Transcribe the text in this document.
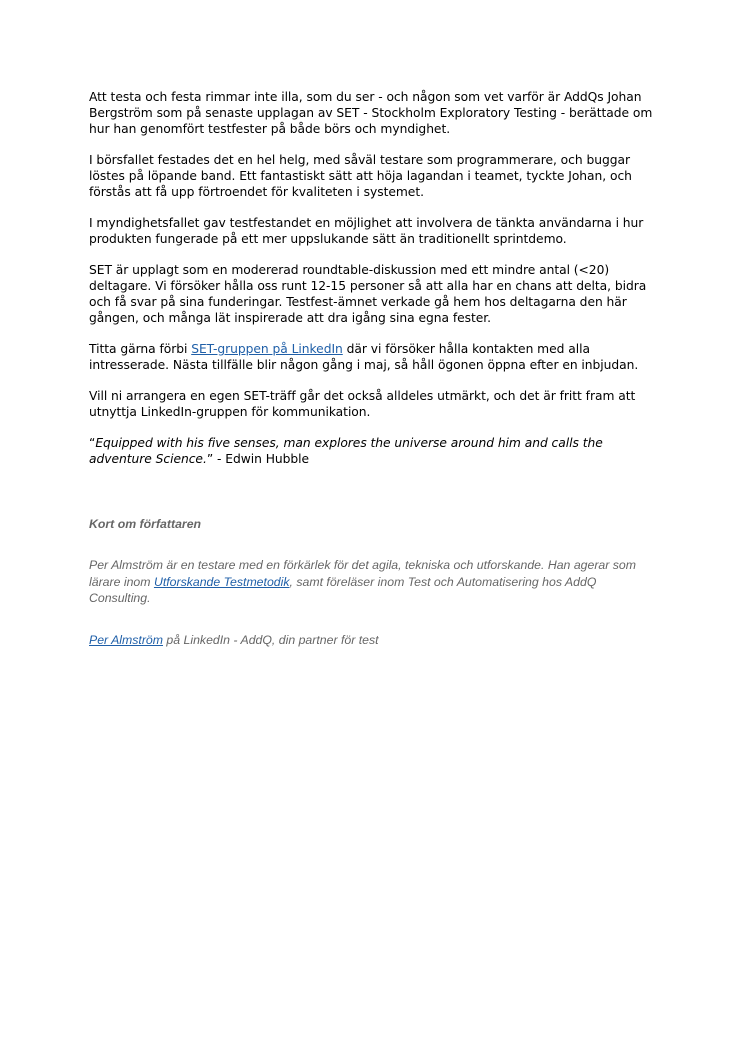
Att testa och festa rimmar inte illa, som du ser - och någon som vet varför är AddQs Johan Bergström som på senaste upplagan av SET - Stockholm Exploratory Testing - berättade om hur han genomfört testfester på både börs och myndighet.

I börsfallet festades det en hel helg, med såväl testare som programmerare, och buggar löstes på löpande band. Ett fantastiskt sätt att höja lagandan i teamet, tyckte Johan, och förstås att få upp förtroendet för kvaliteten i systemet.

I myndighetsfallet gav testfestandet en möjlighet att involvera de tänkta användarna i hur produkten fungerade på ett mer uppslukande sätt än traditionellt sprintdemo.

SET är upplagt som en modererad roundtable-diskussion med ett mindre antal (<20) deltagare. Vi försöker hålla oss runt 12-15 personer så att alla har en chans att delta, bidra och få svar på sina funderingar. Testfest-ämnet verkade gå hem hos deltagarna den här gången, och många lät inspirerade att dra igång sina egna fester.

Titta gärna förbi SET-gruppen på LinkedIn där vi försöker hålla kontakten med alla intresserade. Nästa tillfälle blir någon gång i maj, så håll ögonen öppna efter en inbjudan.

Vill ni arrangera en egen SET-träff går det också alldeles utmärkt, och det är fritt fram att utnyttja LinkedIn-gruppen för kommunikation.

“Equipped with his five senses, man explores the universe around him and calls the adventure Science.” - Edwin Hubble

Kort om författaren

Per Almström är en testare med en förkärlek för det agila, tekniska och utforskande. Han agerar som lärare inom Utforskande Testmetodik, samt föreläser inom Test och Automatisering hos AddQ Consulting.

Per Almström på LinkedIn - AddQ, din partner för test
